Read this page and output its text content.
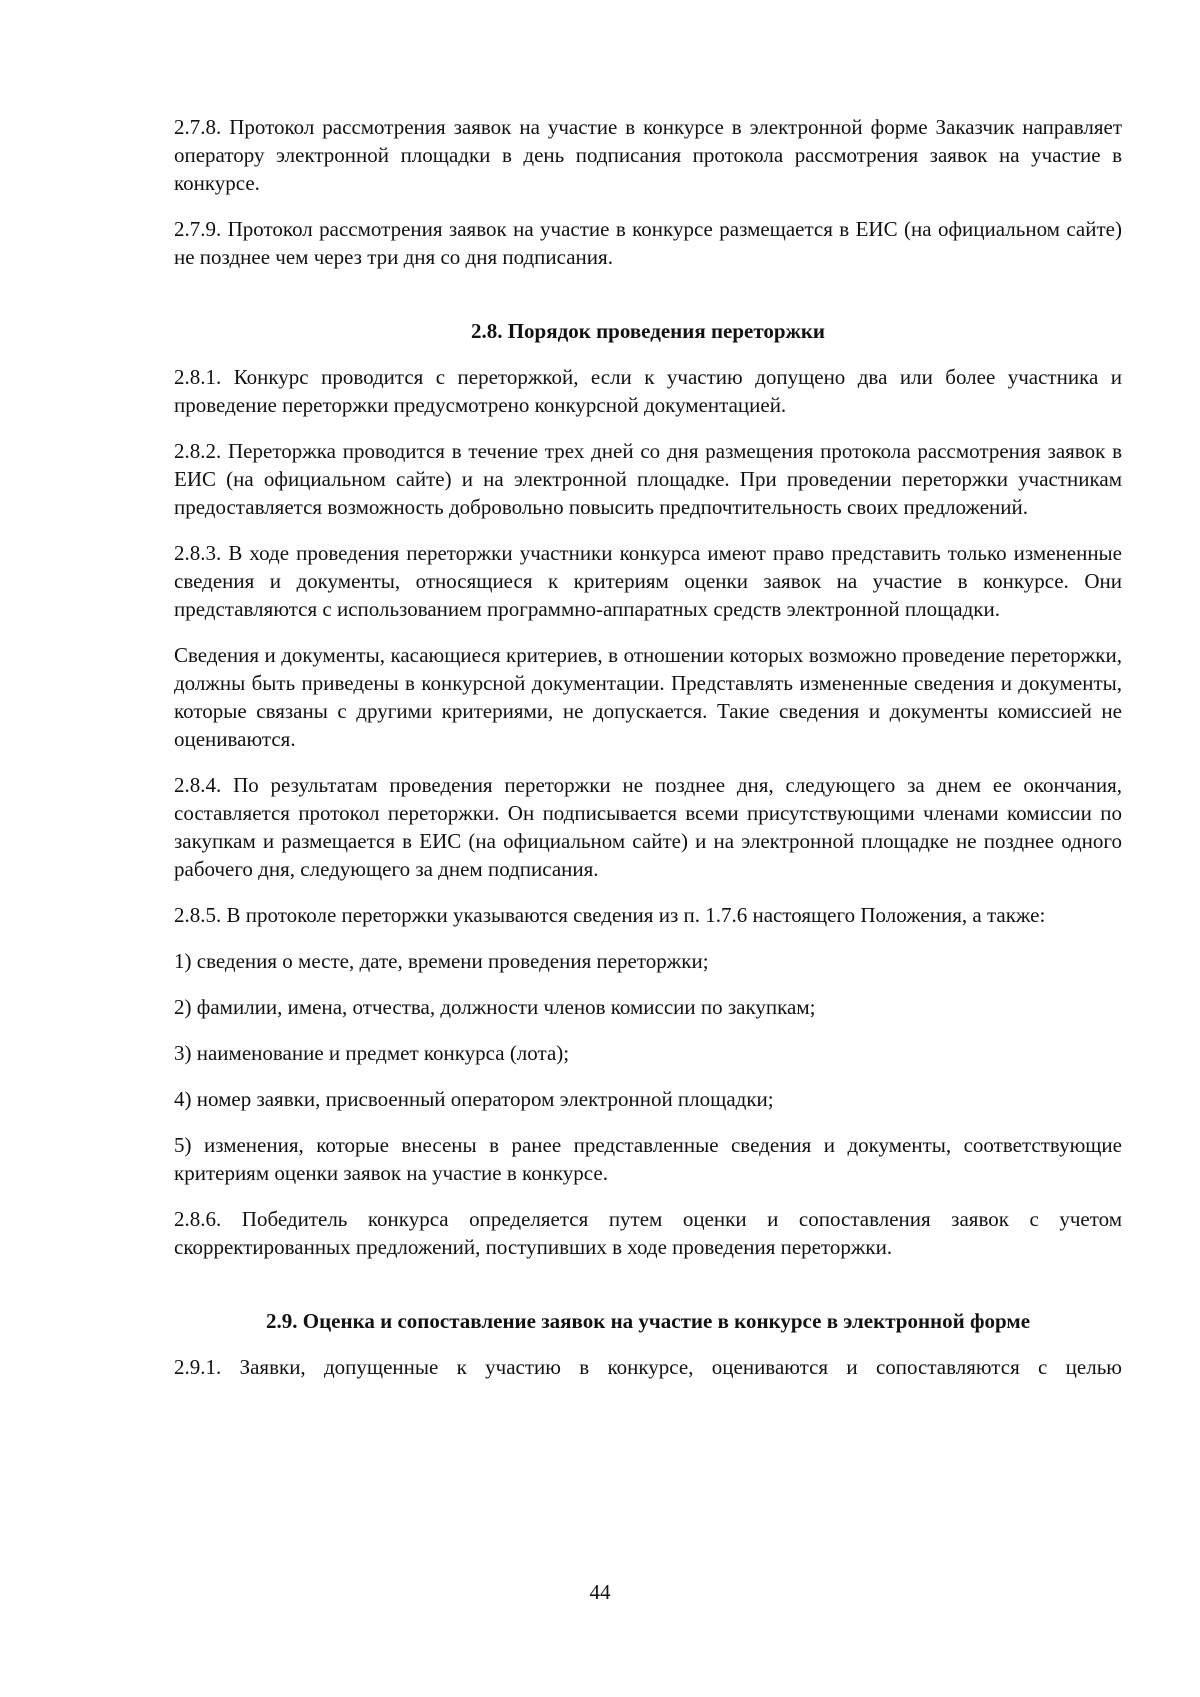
2.7.8. Протокол рассмотрения заявок на участие в конкурсе в электронной форме Заказчик направляет оператору электронной площадки в день подписания протокола рассмотрения заявок на участие в конкурсе.

2.7.9. Протокол рассмотрения заявок на участие в конкурсе размещается в ЕИС (на официальном сайте) не позднее чем через три дня со дня подписания.

2.8. Порядок проведения переторжки

2.8.1. Конкурс проводится с переторжкой, если к участию допущено два или более участника и проведение переторжки предусмотрено конкурсной документацией.

2.8.2. Переторжка проводится в течение трех дней со дня размещения протокола рассмотрения заявок в ЕИС (на официальном сайте) и на электронной площадке. При проведении переторжки участникам предоставляется возможность добровольно повысить предпочтительность своих предложений.

2.8.3. В ходе проведения переторжки участники конкурса имеют право представить только измененные сведения и документы, относящиеся к критериям оценки заявок на участие в конкурсе. Они представляются с использованием программно-аппаратных средств электронной площадки.

Сведения и документы, касающиеся критериев, в отношении которых возможно проведение переторжки, должны быть приведены в конкурсной документации. Представлять измененные сведения и документы, которые связаны с другими критериями, не допускается. Такие сведения и документы комиссией не оцениваются.

2.8.4. По результатам проведения переторжки не позднее дня, следующего за днем ее окончания, составляется протокол переторжки. Он подписывается всеми присутствующими членами комиссии по закупкам и размещается в ЕИС (на официальном сайте) и на электронной площадке не позднее одного рабочего дня, следующего за днем подписания.

2.8.5. В протоколе переторжки указываются сведения из п. 1.7.6 настоящего Положения, а также:

1) сведения о месте, дате, времени проведения переторжки;

2) фамилии, имена, отчества, должности членов комиссии по закупкам;

3) наименование и предмет конкурса (лота);

4) номер заявки, присвоенный оператором электронной площадки;

5) изменения, которые внесены в ранее представленные сведения и документы, соответствующие критериям оценки заявок на участие в конкурсе.

2.8.6. Победитель конкурса определяется путем оценки и сопоставления заявок с учетом скорректированных предложений, поступивших в ходе проведения переторжки.

2.9. Оценка и сопоставление заявок на участие в конкурсе в электронной форме

2.9.1. Заявки, допущенные к участию в конкурсе, оцениваются и сопоставляются с целью

44
